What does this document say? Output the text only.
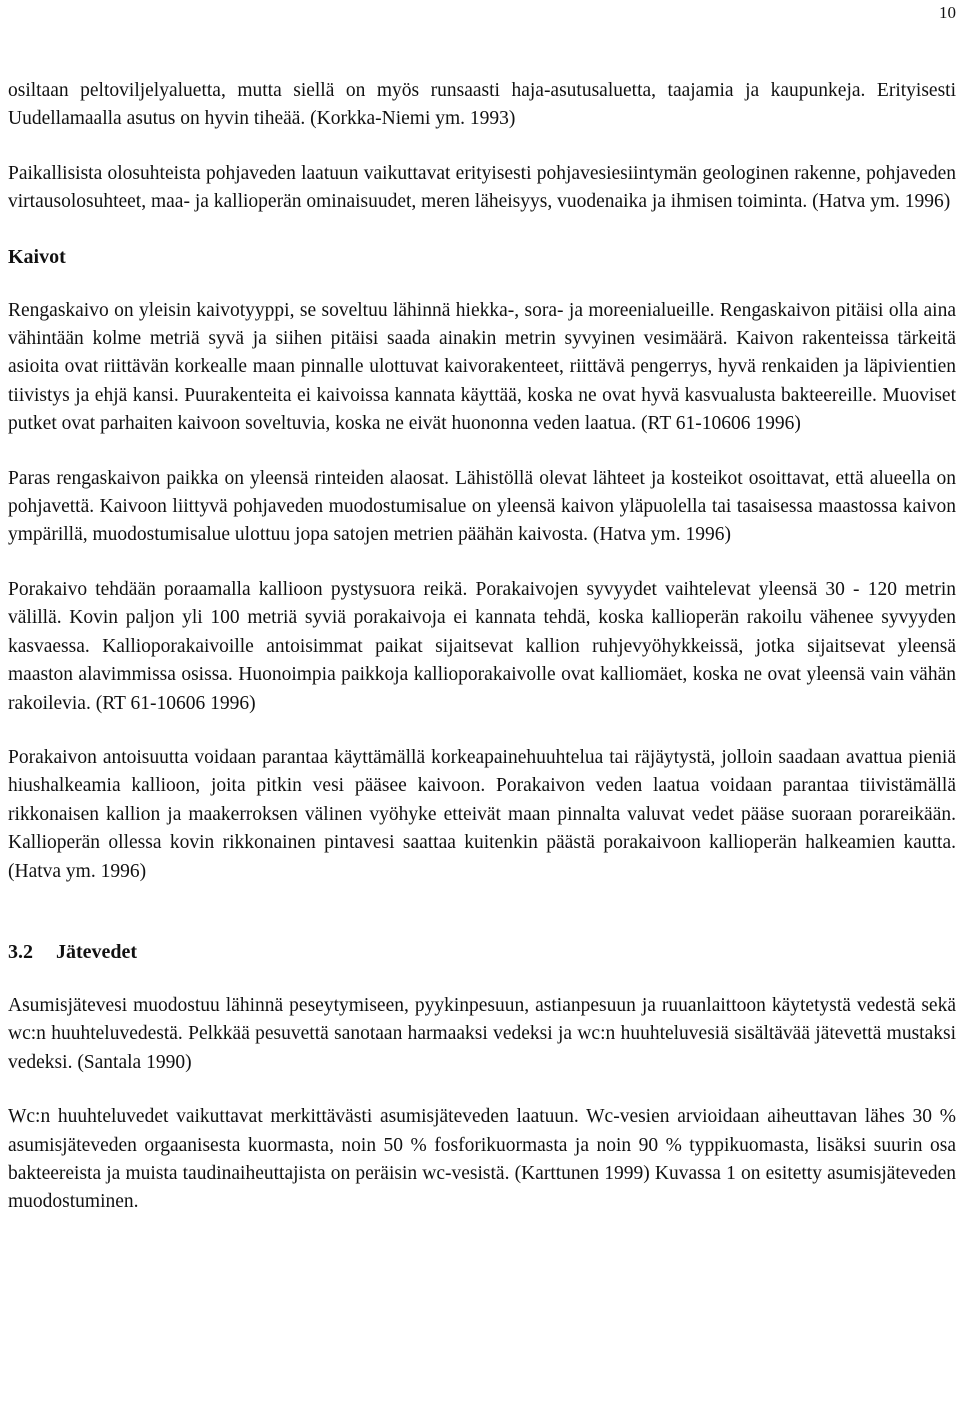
10

osiltaan peltoviljelyaluetta, mutta siellä on myös runsaasti haja-asutusaluetta, taajamia ja kaupunkeja. Erityisesti Uudellamaalla asutus on hyvin tiheää. (Korkka-Niemi ym. 1993)

Paikallisista olosuhteista pohjaveden laatuun vaikuttavat erityisesti pohjavesiesiintymän geologinen rakenne, pohjaveden virtausolosuhteet, maa- ja kallioperän ominaisuudet, meren läheisyys, vuodenaika ja ihmisen toiminta. (Hatva ym. 1996)

Kaivot

Rengaskaivo on yleisin kaivotyyppi, se soveltuu lähinnä hiekka-, sora- ja moreenialueille. Rengaskaivon pitäisi olla aina vähintään kolme metriä syvä ja siihen pitäisi saada ainakin metrin syvyinen vesimäärä. Kaivon rakenteissa tärkeitä asioita ovat riittävän korkealle maan pinnalle ulottuvat kaivorakenteet, riittävä pengerrys, hyvä renkaiden ja läpivientien tiivistys ja ehjä kansi. Puurakenteita ei kaivoissa kannata käyttää, koska ne ovat hyvä kasvualusta bakteereille. Muoviset putket ovat parhaiten kaivoon soveltuvia, koska ne eivät huononna veden laatua. (RT 61-10606 1996)

Paras rengaskaivon paikka on yleensä rinteiden alaosat. Lähistöllä olevat lähteet ja kosteikot osoittavat, että alueella on pohjavettä. Kaivoon liittyvä pohjaveden muodostumisalue on yleensä kaivon yläpuolella tai tasaisessa maastossa kaivon ympärillä, muodostumisalue ulottuu jopa satojen metrien päähän kaivosta. (Hatva ym. 1996)

Porakaivo tehdään poraamalla kallioon pystysuora reikä. Porakaivojen syvyydet vaihtelevat yleensä 30 - 120 metrin välillä. Kovin paljon yli 100 metriä syviä porakaivoja ei kannata tehdä, koska kallioperän rakoilu vähenee syvyyden kasvaessa. Kallioporakaivoille antoisimmat paikat sijaitsevat kallion ruhjevyöhykkeissä, jotka sijaitsevat yleensä maaston alavimmissa osissa. Huonoimpia paikkoja kallioporakaivolle ovat kalliomäet, koska ne ovat yleensä vain vähän rakoilevia. (RT 61-10606 1996)

Porakaivon antoisuutta voidaan parantaa käyttämällä korkeapainehuuhtelua tai räjäytystä, jolloin saadaan avattua pieniä hiushalkeamia kallioon, joita pitkin vesi pääsee kaivoon. Porakaivon veden laatua voidaan parantaa tiivistämällä rikkonaisen kallion ja maakerroksen välinen vyöhyke etteivät maan pinnalta valuvat vedet pääse suoraan porareikään. Kallioperän ollessa kovin rikkonainen pintavesi saattaa kuitenkin päästä porakaivoon kallioperän halkeamien kautta. (Hatva ym. 1996)

3.2 Jätevedet

Asumisjätevesi muodostuu lähinnä peseytymiseen, pyykinpesuun, astianpesuun ja ruuanlaittoon käytetystä vedestä sekä wc:n huuhteluvedestä. Pelkkää pesuvettä sanotaan harmaaksi vedeksi ja wc:n huuhteluvesiä sisältävää jätevettä mustaksi vedeksi. (Santala 1990)

Wc:n huuhteluvedet vaikuttavat merkittävästi asumisjäteveden laatuun. Wc-vesien arvioidaan aiheuttavan lähes 30 % asumisjäteveden orgaanisesta kuormasta, noin 50 % fosforikuormasta ja noin 90 % typpikuomasta, lisäksi suurin osa bakteereista ja muista taudinaiheuttajista on peräisin wc-vesistä. (Karttunen 1999) Kuvassa 1 on esitetty asumisjäteveden muodostuminen.
